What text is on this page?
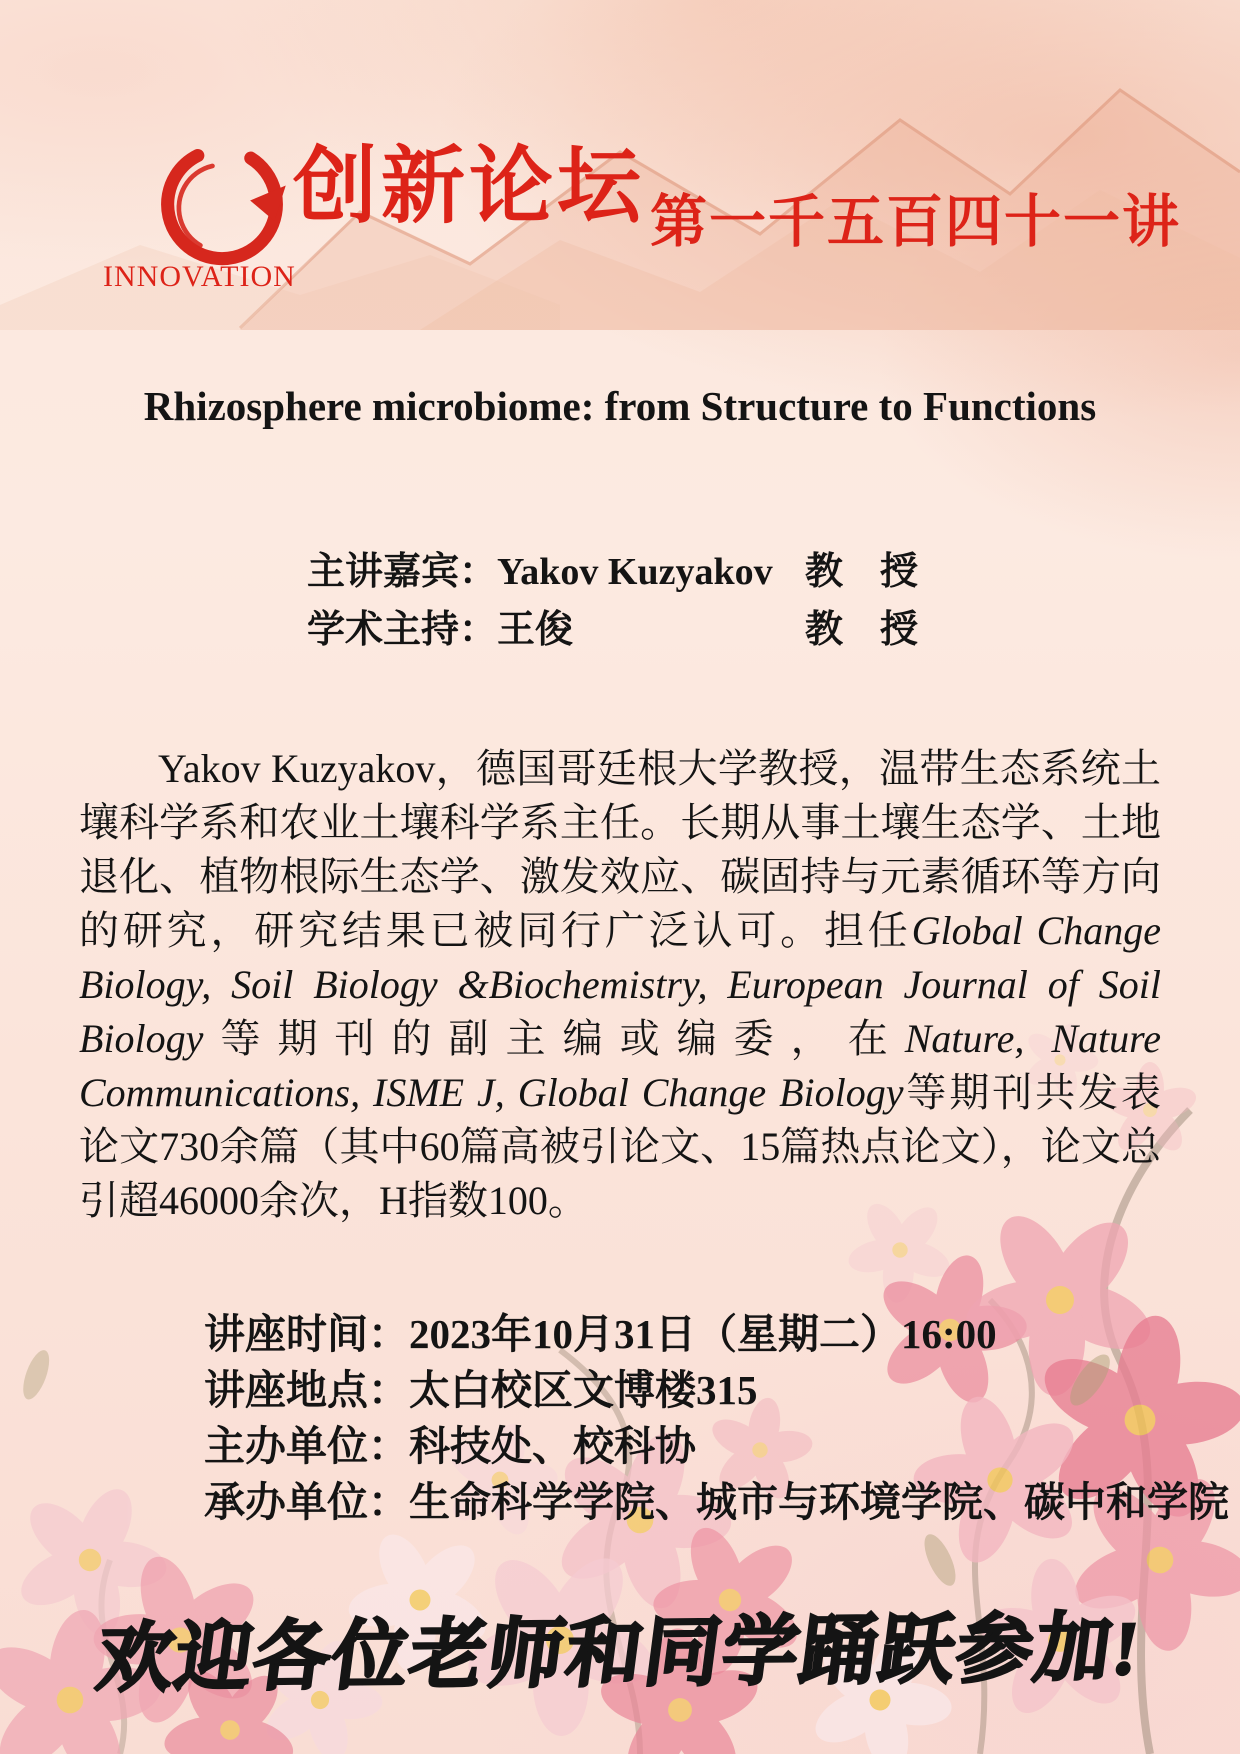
INNOVATION
创新论坛 第一千五百四十一讲
Rhizosphere microbiome: from Structure to Functions
主讲嘉宾：Yakov Kuzyakov 教  授
学术主持：王俊	教  授

Yakov Kuzyakov，德国哥廷根大学教授，温带生态系统土壤科学系和农业土壤科学系主任。长期从事土壤生态学、土地退化、植物根际生态学、激发效应、碳固持与元素循环等方向的研究，研究结果已被同行广泛认可。担任Global Change Biology, Soil Biology &Biochemistry, European Journal of Soil Biology等期刊的副主编或编委，在Nature, Nature Communications, ISME J, Global Change Biology等期刊共发表论文730余篇（其中60篇高被引论文、15篇热点论文），论文总引超46000余次，H指数100。

讲座时间：2023年10月31日（星期二）16:00
讲座地点：太白校区文博楼315
主办单位：科技处、校科协
承办单位：生命科学学院、城市与环境学院、碳中和学院
欢迎各位老师和同学踊跃参加!
